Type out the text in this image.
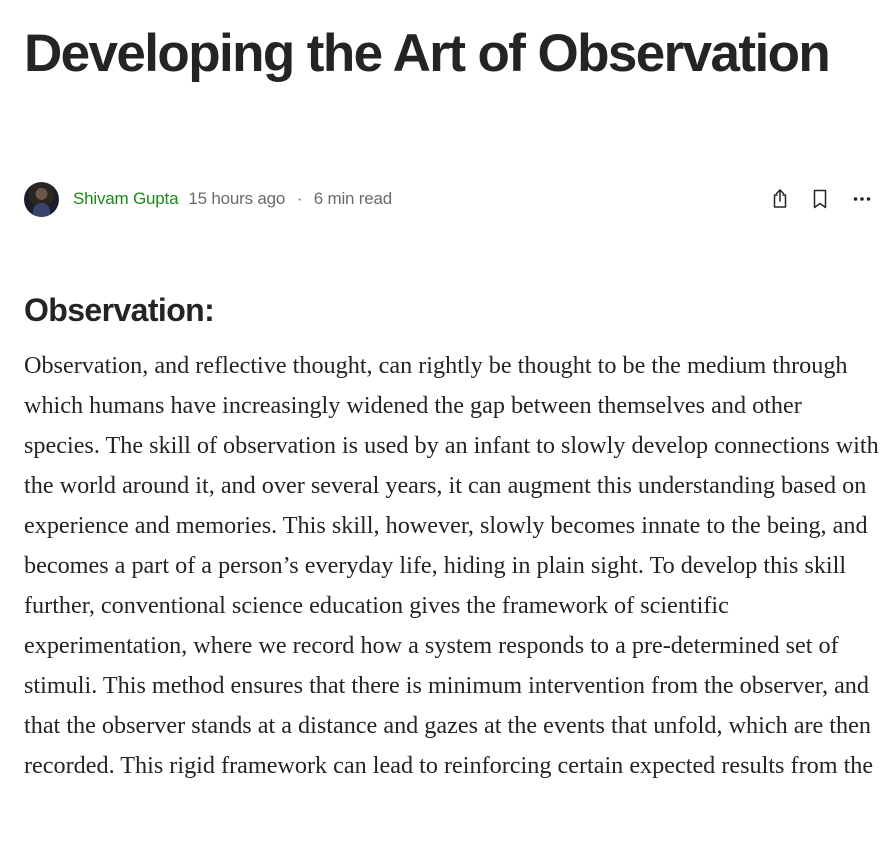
Developing the Art of Observation
Shivam Gupta 15 hours ago · 6 min read
Observation:

Observation, and reflective thought, can rightly be thought to be the medium through which humans have increasingly widened the gap between themselves and other species. The skill of observation is used by an infant to slowly develop connections with the world around it, and over several years, it can augment this understanding based on experience and memories. This skill, however, slowly becomes innate to the being, and becomes a part of a person’s everyday life, hiding in plain sight. To develop this skill further, conventional science education gives the framework of scientific experimentation, where we record how a system responds to a pre-determined set of stimuli. This method ensures that there is minimum intervention from the observer, and that the observer stands at a distance and gazes at the events that unfold, which are then recorded. This rigid framework can lead to reinforcing certain expected results from the
